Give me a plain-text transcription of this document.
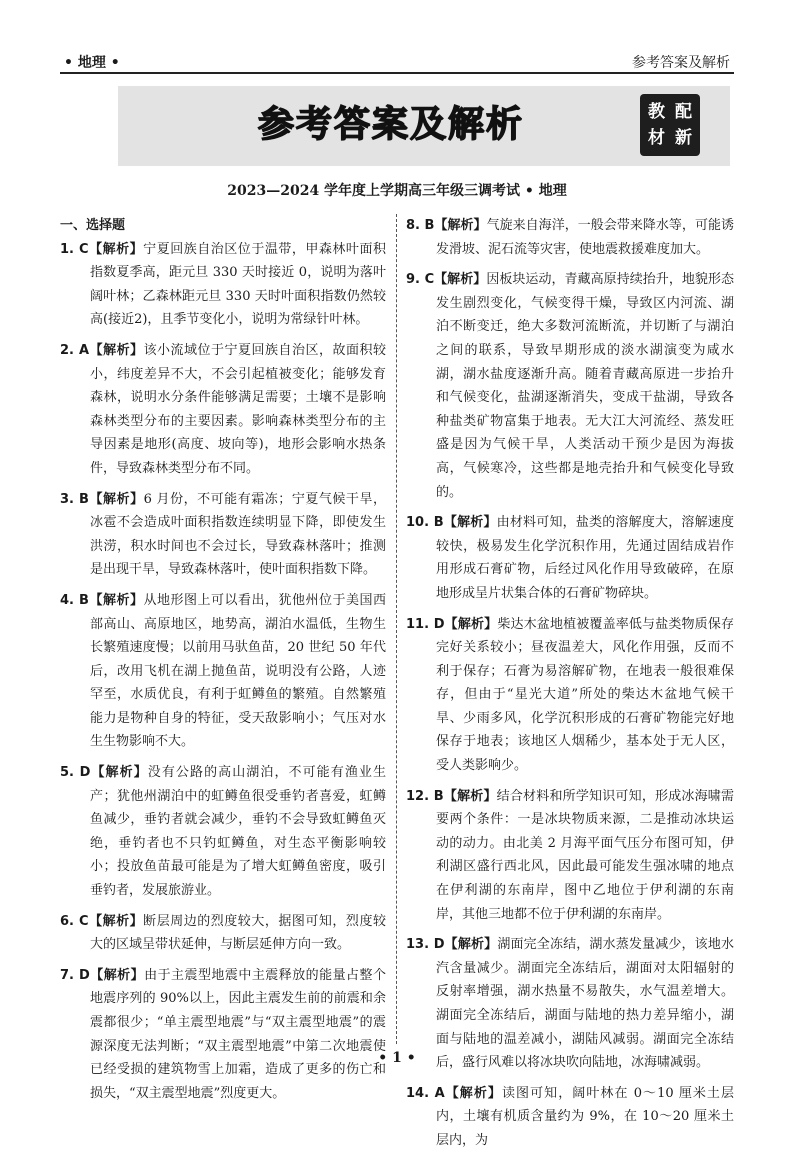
• 地理 •	参考答案及解析
参考答案及解析	教 配
材 新
2023—2024 学年度上学期高三年级三调考试 • 地理
一、选择题
1. C【解析】宁夏回族自治区位于温带，甲森林叶面积指数夏季高，距元旦 330 天时接近 0，说明为落叶阔叶林；乙森林距元旦 330 天时叶面积指数仍然较高(接近2)，且季节变化小，说明为常绿针叶林。
2. A【解析】该小流域位于宁夏回族自治区，故面积较小，纬度差异不大，不会引起植被变化；能够发育森林，说明水分条件能够满足需要；土壤不是影响森林类型分布的主要因素。影响森林类型分布的主导因素是地形(高度、坡向等)，地形会影响水热条件，导致森林类型分布不同。
3. B【解析】6 月份，不可能有霜冻；宁夏气候干旱，冰雹不会造成叶面积指数连续明显下降，即使发生洪涝，积水时间也不会过长，导致森林落叶；推测是出现干旱，导致森林落叶，使叶面积指数下降。
4. B【解析】从地形图上可以看出，犹他州位于美国西部高山、高原地区，地势高，湖泊水温低，生物生长繁殖速度慢；以前用马驮鱼苗，20 世纪 50 年代后，改用飞机在湖上抛鱼苗，说明没有公路，人迹罕至，水质优良，有利于虹鳟鱼的繁殖。自然繁殖能力是物种自身的特征，受天敌影响小；气压对水生生物影响不大。
5. D【解析】没有公路的高山湖泊，不可能有渔业生产；犹他州湖泊中的虹鳟鱼很受垂钓者喜爱，虹鳟鱼减少，垂钓者就会减少，垂钓不会导致虹鳟鱼灭绝，垂钓者也不只钓虹鳟鱼，对生态平衡影响较小；投放鱼苗最可能是为了增大虹鳟鱼密度，吸引垂钓者，发展旅游业。
6. C【解析】断层周边的烈度较大，据图可知，烈度较大的区域呈带状延伸，与断层延伸方向一致。
7. D【解析】由于主震型地震中主震释放的能量占整个地震序列的 90%以上，因此主震发生前的前震和余震都很少；“单主震型地震”与“双主震型地震”的震源深度无法判断；“双主震型地震”中第二次地震使已经受损的建筑物雪上加霜，造成了更多的伤亡和损失，“双主震型地震”烈度更大。
8. B【解析】气旋来自海洋，一般会带来降水等，可能诱发滑坡、泥石流等灾害，使地震救援难度加大。
9. C【解析】因板块运动，青藏高原持续抬升，地貌形态发生剧烈变化，气候变得干燥，导致区内河流、湖泊不断变迁，绝大多数河流断流，并切断了与湖泊之间的联系，导致早期形成的淡水湖演变为咸水湖，湖水盐度逐渐升高。随着青藏高原进一步抬升和气候变化，盐湖逐渐消失，变成干盐湖，导致各种盐类矿物富集于地表。无大江大河流经、蒸发旺盛是因为气候干旱，人类活动干预少是因为海拔高，气候寒冷，这些都是地壳抬升和气候变化导致的。
10. B【解析】由材料可知，盐类的溶解度大，溶解速度较快，极易发生化学沉积作用，先通过固结成岩作用形成石膏矿物，后经过风化作用导致破碎，在原地形成呈片状集合体的石膏矿物碎块。
11. D【解析】柴达木盆地植被覆盖率低与盐类物质保存完好关系较小；昼夜温差大，风化作用强，反而不利于保存；石膏为易溶解矿物，在地表一般很难保存，但由于“星光大道”所处的柴达木盆地气候干旱、少雨多风，化学沉积形成的石膏矿物能完好地保存于地表；该地区人烟稀少，基本处于无人区，受人类影响少。
12. B【解析】结合材料和所学知识可知，形成冰海啸需要两个条件：一是冰块物质来源，二是推动冰块运动的动力。由北美 2 月海平面气压分布图可知，伊利湖区盛行西北风，因此最可能发生强冰啸的地点在伊利湖的东南岸，图中乙地位于伊利湖的东南岸，其他三地都不位于伊利湖的东南岸。
13. D【解析】湖面完全冻结，湖水蒸发量减少，该地水汽含量减少。湖面完全冻结后，湖面对太阳辐射的反射率增强，湖水热量不易散失，水气温差增大。湖面完全冻结后，湖面与陆地的热力差异缩小，湖面与陆地的温差减小，湖陆风减弱。湖面完全冻结后，盛行风难以将冰块吹向陆地，冰海啸减弱。
14. A【解析】读图可知，阔叶林在 0～10 厘米土层内，土壤有机质含量约为 9%，在 10～20 厘米土层内，为
• 1 •
